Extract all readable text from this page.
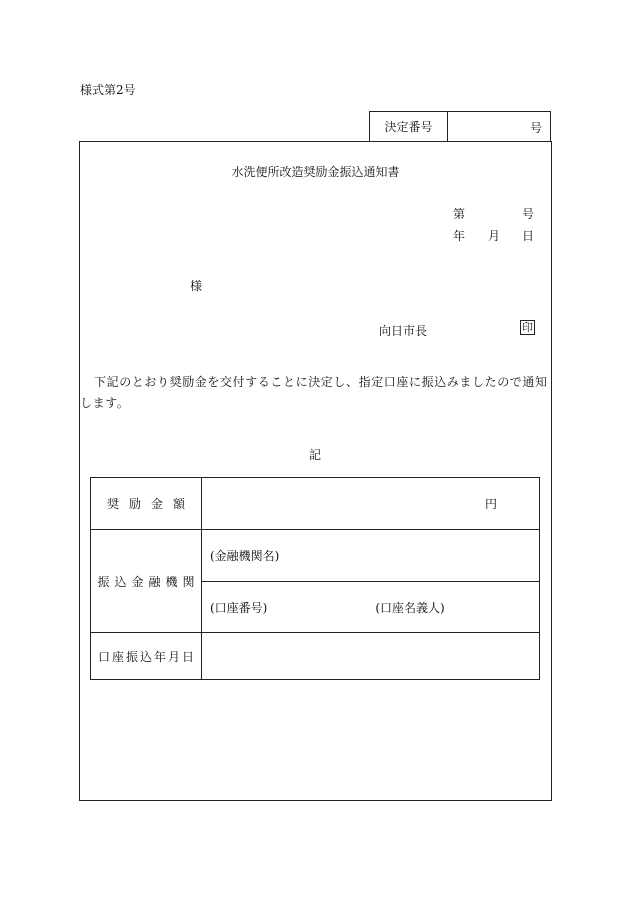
様式第2号
決定番号	号
水洗便所改造奨励金振込通知書
第	号
年 月 日
様
向日市長	印
下記のとおり奨励金を交付することに決定し、指定口座に振込みましたので通知します。
記
奨励金額	円
振込金融機関	(金融機関名)
	(口座番号) (口座名義人)
口座振込年月日	
